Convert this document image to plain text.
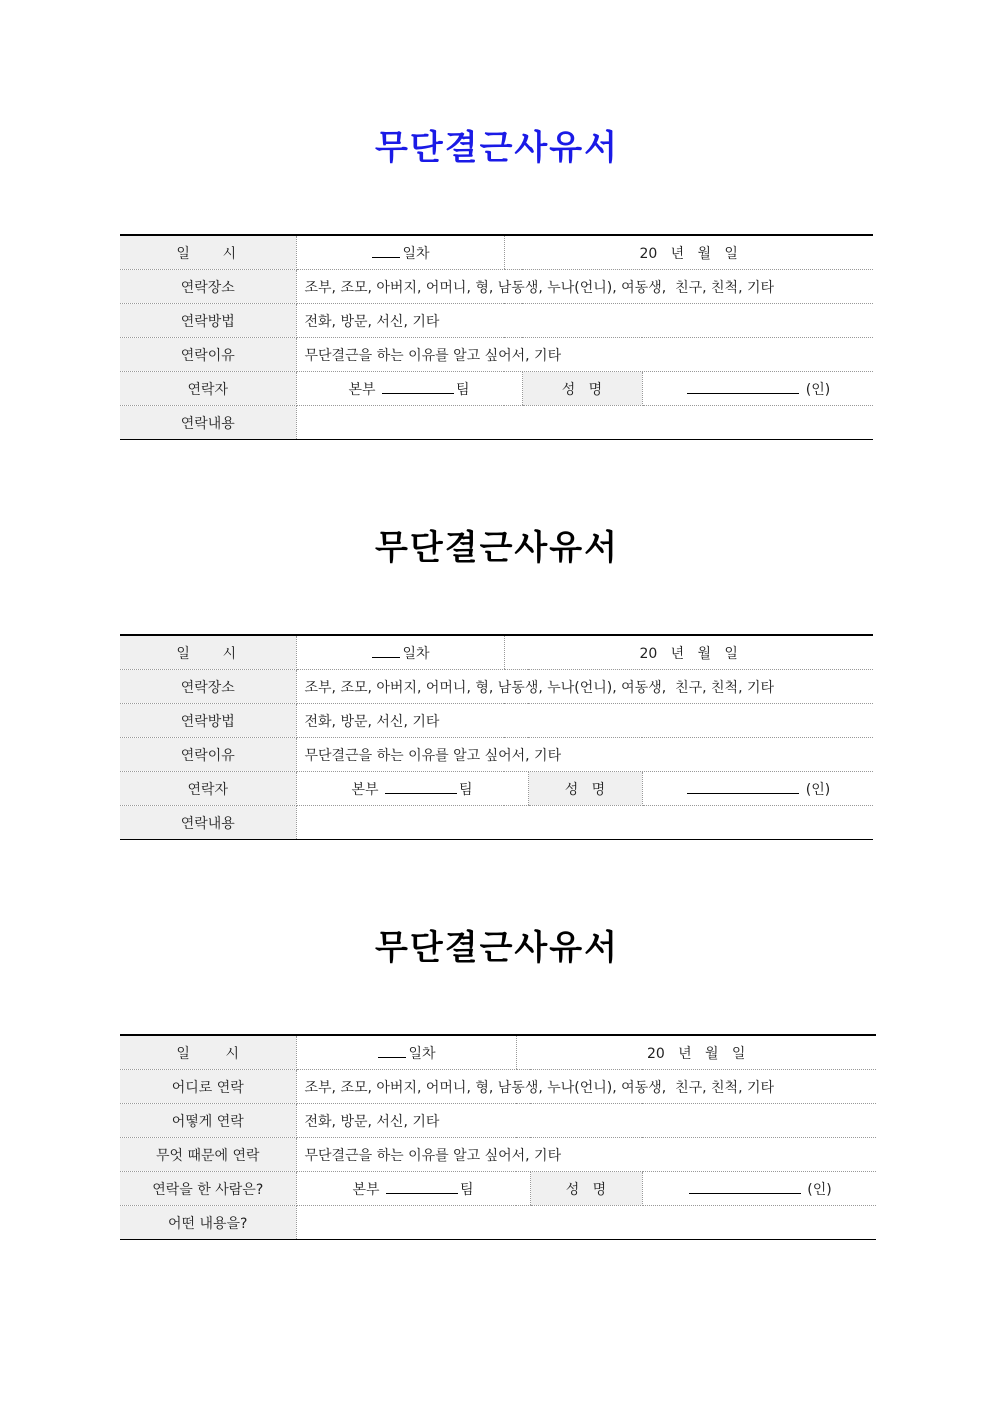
무단결근사유서
일    시	일차	20   년   월   일		
연락장소	조부, 조모, 아버지, 어머니, 형, 남동생, 누나(언니), 여동생,  친구, 친척, 기타			
연락방법	전화, 방문, 서신, 기타			
연락이유	무단결근을 하는 이유를 알고 싶어서, 기타			
연락자	본부 팀		성   명	(인)
연락내용				
무단결근사유서
일    시	일차	20   년   월   일		
연락장소	조부, 조모, 아버지, 어머니, 형, 남동생, 누나(언니), 여동생,  친구, 친척, 기타			
연락방법	전화, 방문, 서신, 기타			
연락이유	무단결근을 하는 이유를 알고 싶어서, 기타			
연락자	본부 팀		성   명	(인)
연락내용				
무단결근사유서
일        시	일차	20   년   월   일		
어디로 연락	조부, 조모, 아버지, 어머니, 형, 남동생, 누나(언니), 여동생,  친구, 친척, 기타			
어떻게 연락	전화, 방문, 서신, 기타			
무엇 때문에 연락	무단결근을 하는 이유를 알고 싶어서, 기타			
연락을 한 사람은?	본부 팀		성   명	(인)
어떤 내용을?				
